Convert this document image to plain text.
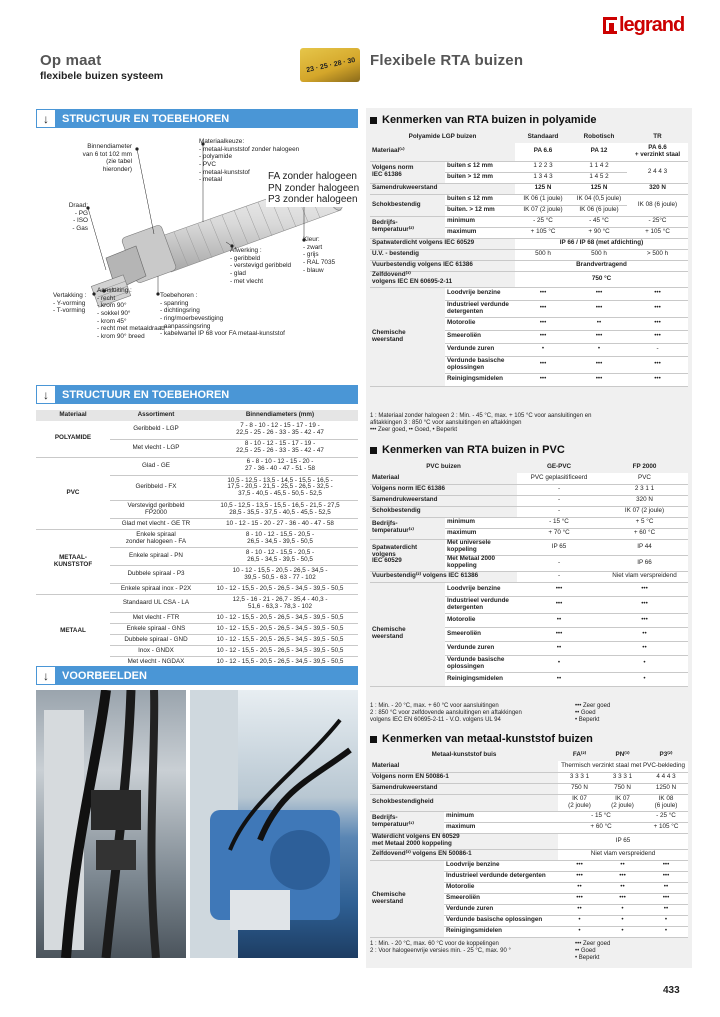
legrand
Op maat
flexibele buizen systeem
23 · 25 · 28 · 30 Flexibele RTA buizen
↓	STRUCTUUR EN TOEBEHOREN
Binnendiameter
van 6 tot 102 mm
(zie tabel
hieronder)
Materiaalkeuze:
- metaal-kunststof zonder halogeen
- polyamide
- PVC
- metaal-kunststof
- metaal	FA zonder halogeen
PN zonder halogeen
P3 zonder halogeen
Draad:
- PG
- ISO
- Gas
Kleur:
- zwart
- grijs
- RAL 7035
- blauw
Afwerking :
- geribbeld
- verstevigd geribbeld
- glad
- met vlecht
Aansluiting :
- recht
- krom 90°
- sokkel 90°
- krom 45°
- recht met metaaldraad
- krom 90° breed
Vertakking :
- Y-vorming
- T-vorming
Toebehoren :
- spanring
- dichtingsring
- ring/moerbevestiging
- aanpassingsring
- kabelwartel IP 68 voor FA metaal-kunststof
↓	STRUCTUUR EN TOEBEHOREN
Materiaal	Assortiment	Binnendiameters (mm)
POLYAMIDE	Geribbeld - LGP	7 - 8 - 10 - 12 - 15 - 17 - 19 -
22,5 - 25 - 26 - 33 - 35 - 42 - 47
	Met vlecht - LGP	8 - 10 - 12 - 15 - 17 - 19 -
22,5 - 25 - 26 - 33 - 35 - 42 - 47
PVC	Glad - GE	6 - 8 - 10 - 12 - 15 - 20 -
27 - 36 - 40 - 47 - 51 - 58
	Geribbeld - FX	10,5 - 12,5 - 13,5 - 14,5 - 15,5 - 16,5 -
17,5 - 20,5 - 21,5 - 25,5 - 26,5 - 32,5 -
37,5 - 40,5 - 45,5 - 50,5 - 52,5
	Verstevigd geribbeld
FP2000	10,5 - 12,5 - 13,5 - 15,5 - 16,5 - 21,5 - 27,5
28,5 - 35,5 - 37,5 - 40,5 - 45,5 - 52,5
	Glad met vlecht - GE TR	10 - 12 - 15 - 20 - 27 - 36 - 40 - 47 - 58
METAAL-
KUNSTSTOF	Enkele spiraal
zonder halogeen - FA	8 - 10 - 12 - 15,5 - 20,5 -
26,5 - 34,5 - 39,5 - 50,5
	Enkele spiraal - PN	8 - 10 - 12 - 15,5 - 20,5 -
26,5 - 34,5 - 39,5 - 50,5
	Dubbele spiraal - P3	10 - 12 - 15,5 - 20,5 - 26,5 - 34,5 -
39,5 - 50,5 - 63 - 77 - 102
	Enkele spiraal inox - P2X	10 - 12 - 15,5 - 20,5 - 26,5 - 34,5 - 39,5 - 50,5
METAAL	Standaard UL CSA - LA	12,5 - 16 - 21 - 26,7 - 35,4 - 40,3 -
51,6 - 63,3 - 78,3 - 102
	Met vlecht - FTR	10 - 12 - 15,5 - 20,5 - 26,5 - 34,5 - 39,5 - 50,5
	Enkele spiraal - GNS	10 - 12 - 15,5 - 20,5 - 26,5 - 34,5 - 39,5 - 50,5
	Dubbele spiraal - GND	10 - 12 - 15,5 - 20,5 - 26,5 - 34,5 - 39,5 - 50,5
	Inox - GNDX	10 - 12 - 15,5 - 20,5 - 26,5 - 34,5 - 39,5 - 50,5
	Met vlecht - NGDAX	10 - 12 - 15,5 - 20,5 - 26,5 - 34,5 - 39,5 - 50,5
↓	VOORBEELDEN
Kenmerken van RTA buizen in polyamide
Polyamide LGP buizen		Standaard	Robotisch	TR
Materiaal⁽¹⁾		PA 6.6	PA 12	PA 6.6
+ verzinkt staal
Volgens norm
IEC 61386	buiten ≤ 12 mm	1 2 2 3	1 1 4 2	2 4 4 3
	buiten > 12 mm	1 3 4 3	1 4 5 2	
Samendrukweerstand		125 N	125 N	320 N
Schokbestendig	buiten ≤ 12 mm	IK 06 (1 joule)	IK 04 (0,5 joule)	IK 08 (6 joule)
	buiten. > 12 mm	IK 07 (2 joule)	IK 06 (6 joule)	
Bedrijfs-
temperatuur⁽²⁾	minimum	- 25 °C	- 45 °C	- 25°C
	maximum	+ 105 °C	+ 90 °C	+ 105 °C
Spatwaterdicht volgens IEC 60529		IP 66 / IP 68 (met afdichting)		
U.V. - bestendig		500 h	500 h	> 500 h
Vuurbestendig volgens IEC 61386		Brandvertragend		
Zelfdovend⁽³⁾
volgens IEC EN 60695-2-11		750 °C		
Chemische
weerstand	Loodvrije benzine	•••	•••	•••
	Industrieel verdunde
detergenten	•••	•••	•••
	Motorolie	•••	••	•••
	Smeeroliën	•••	•••	•••
	Verdunde zuren	•	•	-
	Verdunde basische
oplossingen	•••	•••	•••
	Reinigingsmidelen	•••	•••	•••
1 : Materiaal zonder halogeen 2 : Min. - 45 °C, max. + 105 °C voor aansluitingen en
afitakkingen 3 : 850 °C voor aansluitingen en aftakkingen
••• Zeer goed, •• Goed, • Beperkt
Kenmerken van RTA buizen in PVC
PVC buizen		GE-PVC	FP 2000
Materiaal		PVC geplasitificeerd	PVC
Volgens norm IEC 61386		-	2 3 1 1
Samendrukweerstand		-	320 N
Schokbestendig		-	IK 07 (2 joule)
Bedrijfs-
temperatuur⁽¹⁾	minimum	- 15 °C	+ 5 °C
	maximum	+ 70 °C	+ 60 °C
Spatwaterdicht
volgens
IEC 60529	Met universele
koppeling	IP 65	IP 44
	Met Metaal 2000
koppeling	-	IP 66
Vuurbestendig⁽²⁾ volgens IEC 61386		-	Niet vlam verspreidend
Chemische
weerstand	Loodvrije benzine	•••	•••
	Industrieel verdunde
detergenten	•••	•••
	Motorolie	••	•••
	Smeeroliën	•••	••
	Verdunde zuren	••	••
	Verdunde basische
oplossingen	•	•
	Reinigingsmidelen	••	•
1 : Min. - 20 °C, max. + 60 °C voor aansluitingen
2 : 850 °C voor zelfdovende aansluitingen en aftakkingen
volgens IEC EN 60695-2-11 - V.O. volgens UL 94
••• Zeer goed
•• Goed
• Beperkt
Kenmerken van metaal-kunststof buizen
Metaal-kunststof buis		FA⁽²⁾	PN⁽³⁾	P3⁽²⁾
Materiaal		Thermisch verzinkt staal met PVC-bekleding		
Volgens norm EN 50086-1		3 3 3 1	3 3 3 1	4 4 4 3
Samendrukweerstand		750 N	750 N	1250 N
Schokbestendigheid		IK 07
(2 joule)	IK 07
(2 joule)	IK 08
(6 joule)
Bedrijfs-
temperatuur⁽¹⁾	minimum	- 15 °C		- 25 °C
	maximum	+ 60 °C		+ 105 °C
Waterdicht volgens EN 60529
met Metaal 2000 koppeling		IP 65		
Zelfdovend⁽³⁾ volgens EN 50086-1		Niet vlam verspreidend		
Chemische
weerstand	Loodvrije benzine	•••	••	•••
	Industrieel verdunde detergenten	•••	•••	•••
	Motorolie	••	••	••
	Smeeroliën	•••	•••	•••
	Verdunde zuren	••	•	••
	Verdunde basische oplossingen	•	•	•
	Reinigingsmidelen	•	•	•
1 : Min. - 20 °C, max. 60 °C voor de koppelingen
2 : Voor halogeenvrije versies min. - 25 °C, max. 90 °
••• Zeer goed
•• Goed
• Beperkt
433
